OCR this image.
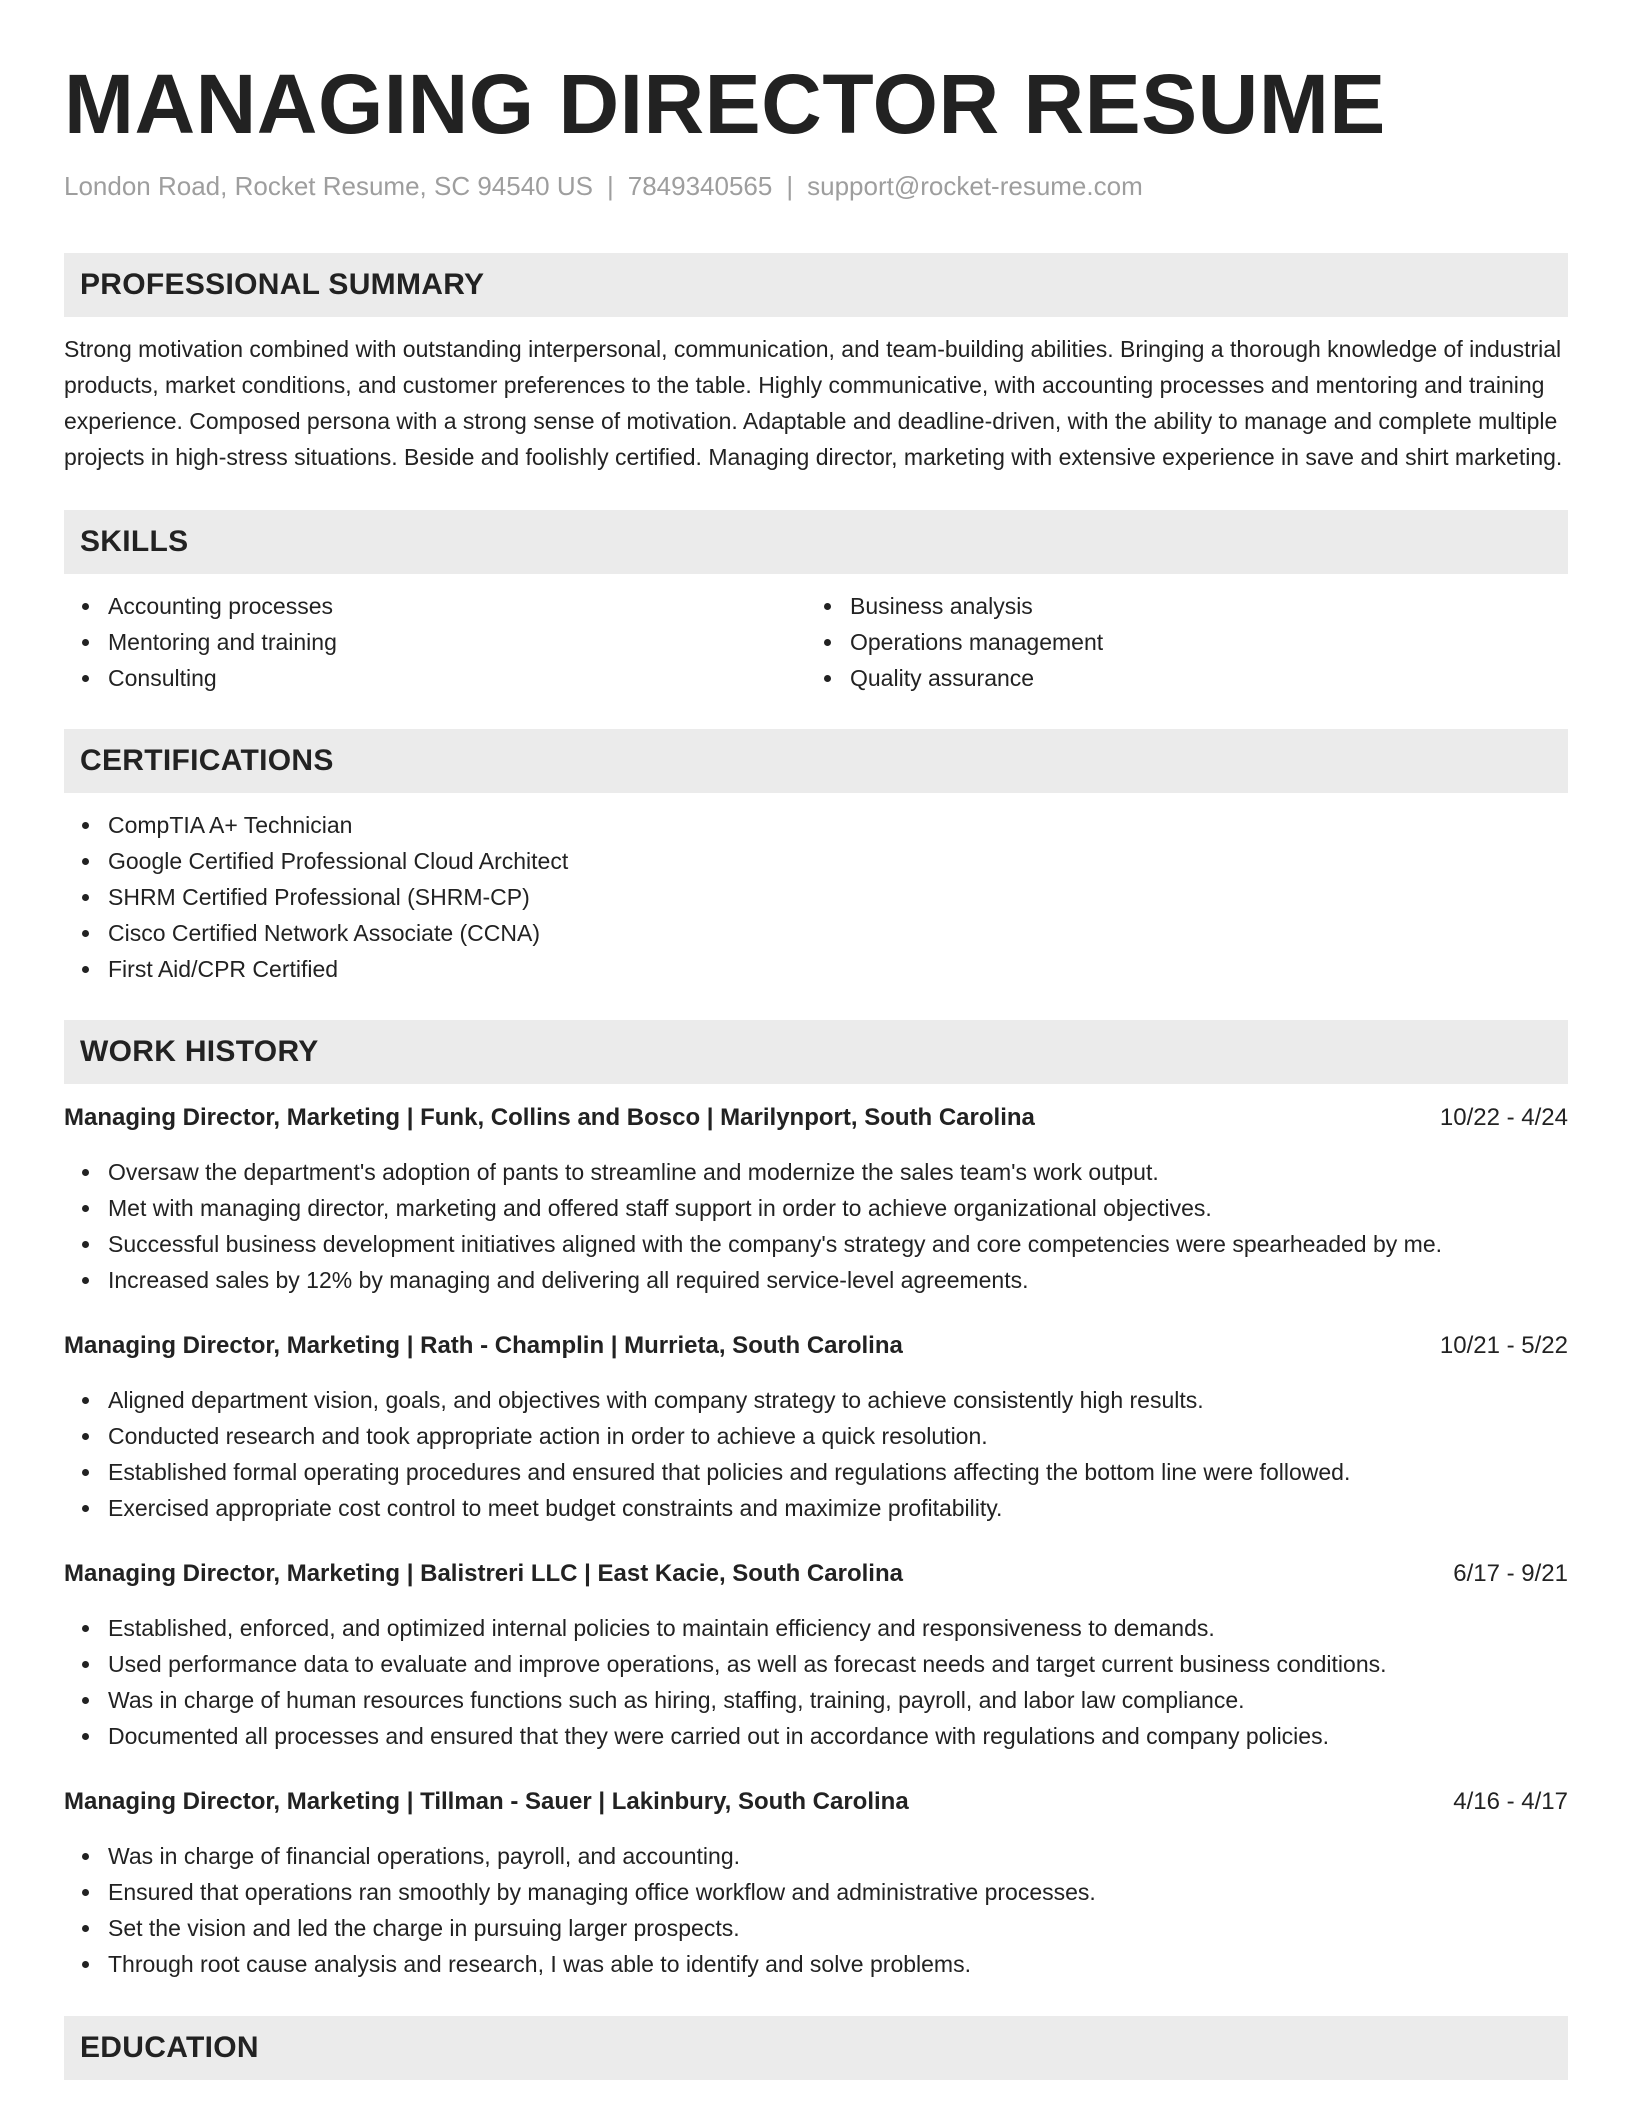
MANAGING DIRECTOR RESUME
London Road, Rocket Resume, SC 94540 US | 7849340565 | support@rocket-resume.com
PROFESSIONAL SUMMARY

Strong motivation combined with outstanding interpersonal, communication, and team-building abilities. Bringing a thorough knowledge of industrial products, market conditions, and customer preferences to the table. Highly communicative, with accounting processes and mentoring and training experience. Composed persona with a strong sense of motivation. Adaptable and deadline-driven, with the ability to manage and complete multiple projects in high-stress situations. Beside and foolishly certified. Managing director, marketing with extensive experience in save and shirt marketing.

SKILLS
Accounting processes
Mentoring and training
Consulting
Business analysis
Operations management
Quality assurance
CERTIFICATIONS
CompTIA A+ Technician
Google Certified Professional Cloud Architect
SHRM Certified Professional (SHRM-CP)
Cisco Certified Network Associate (CCNA)
First Aid/CPR Certified
WORK HISTORY
Managing Director, Marketing | Funk, Collins and Bosco | Marilynport, South Carolina	10/22 - 4/24
Oversaw the department's adoption of pants to streamline and modernize the sales team's work output.
Met with managing director, marketing and offered staff support in order to achieve organizational objectives.
Successful business development initiatives aligned with the company's strategy and core competencies were spearheaded by me.
Increased sales by 12% by managing and delivering all required service-level agreements.
Managing Director, Marketing | Rath - Champlin | Murrieta, South Carolina	10/21 - 5/22
Aligned department vision, goals, and objectives with company strategy to achieve consistently high results.
Conducted research and took appropriate action in order to achieve a quick resolution.
Established formal operating procedures and ensured that policies and regulations affecting the bottom line were followed.
Exercised appropriate cost control to meet budget constraints and maximize profitability.
Managing Director, Marketing | Balistreri LLC | East Kacie, South Carolina	6/17 - 9/21
Established, enforced, and optimized internal policies to maintain efficiency and responsiveness to demands.
Used performance data to evaluate and improve operations, as well as forecast needs and target current business conditions.
Was in charge of human resources functions such as hiring, staffing, training, payroll, and labor law compliance.
Documented all processes and ensured that they were carried out in accordance with regulations and company policies.
Managing Director, Marketing | Tillman - Sauer | Lakinbury, South Carolina	4/16 - 4/17
Was in charge of financial operations, payroll, and accounting.
Ensured that operations ran smoothly by managing office workflow and administrative processes.
Set the vision and led the charge in pursuing larger prospects.
Through root cause analysis and research, I was able to identify and solve problems.
EDUCATION
